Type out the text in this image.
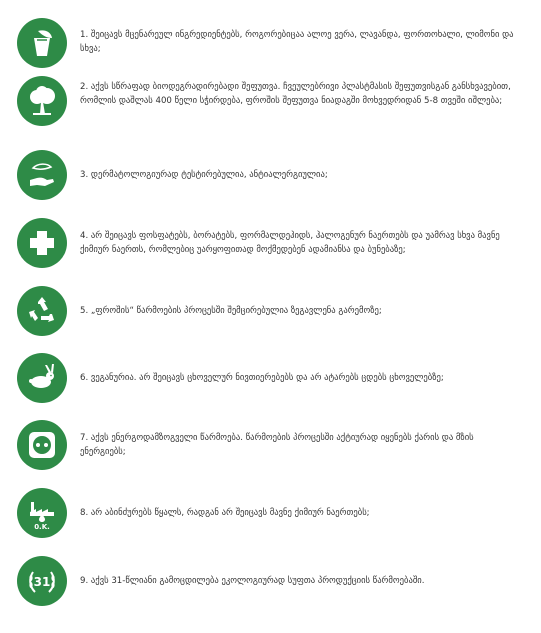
1. შეიცავს მცენარეულ ინგრედიენტებს, როგორებიცაა ალოე ვერა, ლავანდა, ფორთოხალი, ლიმონი და სხვა;

2. აქვს სწრაფად ბიოდეგრადირებადი შეფუთვა. ჩვეულებრივი პლასტმასის შეფუთვისგან განსხვავებით, რომლის დაშლას 400 წელი სჭირდება, ფროშის შეფუთვა ნიადაგში მოხვედრიდან 5-8 თვეში იშლება;

3. დერმატოლოგიურად ტესტირებულია, ანტიალერგიულია;

4. არ შეიცავს ფოსფატებს, ბორატებს, ფორმალდეჰიდს, ჰალოგენურ ნაერთებს და უამრავ სხვა მავნე ქიმიურ ნაერთს, რომლებიც უარყოფითად მოქმედებენ ადამიანსა და ბუნებაზე;

5. „ფროშის“ წარმოების პროცესში შემცირებულია ზეგავლენა გარემოზე;

6. ვეგანურია. არ შეიცავს ცხოველურ ნივთიერებებს და არ ატარებს ცდებს ცხოველებზე;

7. აქვს ენერგოდამზოგველი წარმოება. წარმოების პროცესში აქტიურად იყენებს ქარის და მზის ენერგიებს;

0.K.

8. არ აბინძურებს წყალს, რადგან არ შეიცავს მავნე ქიმიურ ნაერთებს;

31	9. აქვს 31-წლიანი გამოცდილება ეკოლოგიურად სუფთა პროდუქციის წარმოებაში.
